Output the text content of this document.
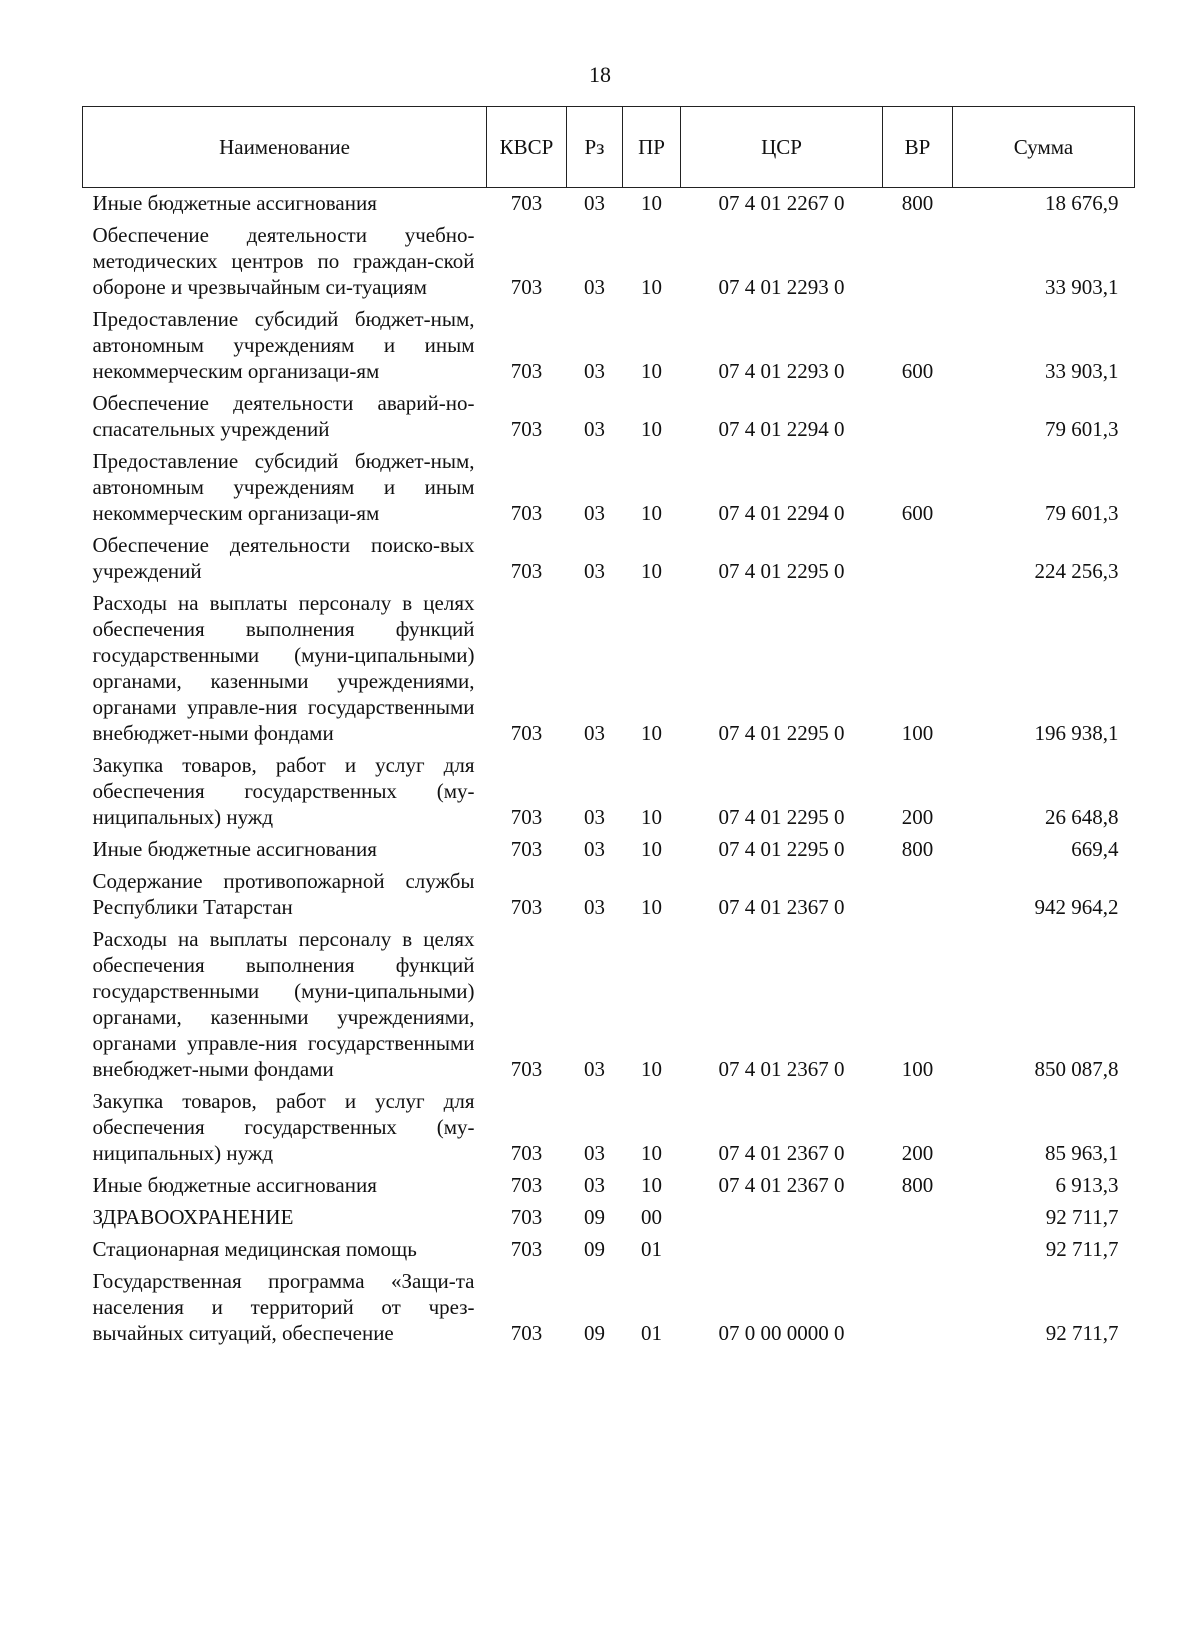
18
Наименование	КВСР	Рз	ПР	ЦСР	ВР	Сумма
Иные бюджетные ассигнования	703	03	10	07 4 01 2267 0	800	18 676,9
Обеспечение деятельности учебно-методических центров по граждан-ской обороне и чрезвычайным си-туациям	703	03	10	07 4 01 2293 0		33 903,1
Предоставление субсидий бюджет-ным, автономным учреждениям и иным некоммерческим организаци-ям	703	03	10	07 4 01 2293 0	600	33 903,1
Обеспечение деятельности аварий-но-спасательных учреждений	703	03	10	07 4 01 2294 0		79 601,3
Предоставление субсидий бюджет-ным, автономным учреждениям и иным некоммерческим организаци-ям	703	03	10	07 4 01 2294 0	600	79 601,3
Обеспечение деятельности поиско-вых учреждений	703	03	10	07 4 01 2295 0		224 256,3
Расходы на выплаты персоналу в целях обеспечения выполнения функций государственными (муни-ципальными) органами, казенными учреждениями, органами управле-ния государственными внебюджет-ными фондами	703	03	10	07 4 01 2295 0	100	196 938,1
Закупка товаров, работ и услуг для обеспечения государственных (му-ниципальных) нужд	703	03	10	07 4 01 2295 0	200	26 648,8
Иные бюджетные ассигнования	703	03	10	07 4 01 2295 0	800	669,4
Содержание противопожарной службы Республики Татарстан	703	03	10	07 4 01 2367 0		942 964,2
Расходы на выплаты персоналу в целях обеспечения выполнения функций государственными (муни-ципальными) органами, казенными учреждениями, органами управле-ния государственными внебюджет-ными фондами	703	03	10	07 4 01 2367 0	100	850 087,8
Закупка товаров, работ и услуг для обеспечения государственных (му-ниципальных) нужд	703	03	10	07 4 01 2367 0	200	85 963,1
Иные бюджетные ассигнования	703	03	10	07 4 01 2367 0	800	6 913,3
ЗДРАВООХРАНЕНИЕ	703	09	00			92 711,7
Стационарная медицинская помощь	703	09	01			92 711,7
Государственная программа «Защи-та населения и территорий от чрез-вычайных ситуаций, обеспечение	703	09	01	07 0 00 0000 0		92 711,7
